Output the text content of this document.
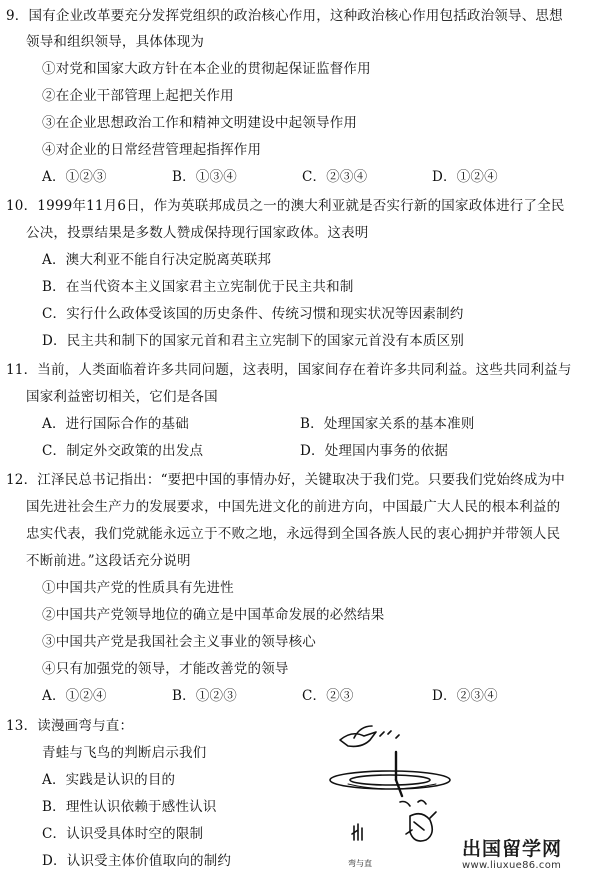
9．国有企业改革要充分发挥党组织的政治核心作用，这种政治核心作用包括政治领导、思想
领导和组织领导，具体体现为
①对党和国家大政方针在本企业的贯彻起保证监督作用
②在企业干部管理上起把关作用
③在企业思想政治工作和精神文明建设中起领导作用
④对企业的日常经营管理起指挥作用
A．①②③	B．①③④	C．②③④	D．①②④
10．1999年11月6日，作为英联邦成员之一的澳大利亚就是否实行新的国家政体进行了全民
公决，投票结果是多数人赞成保持现行国家政体。这表明
A．澳大利亚不能自行决定脱离英联邦
B．在当代资本主义国家君主立宪制优于民主共和制
C．实行什么政体受该国的历史条件、传统习惯和现实状况等因素制约
D．民主共和制下的国家元首和君主立宪制下的国家元首没有本质区别
11．当前，人类面临着许多共同问题，这表明，国家间存在着许多共同利益。这些共同利益与
国家利益密切相关，它们是各国
A．进行国际合作的基础	B．处理国家关系的基本准则
C．制定外交政策的出发点	D．处理国内事务的依据
12．江泽民总书记指出：“要把中国的事情办好，关键取决于我们党。只要我们党始终成为中
国先进社会生产力的发展要求，中国先进文化的前进方向，中国最广大人民的根本利益的
忠实代表，我们党就能永远立于不败之地，永远得到全国各族人民的衷心拥护并带领人民
不断前进。”这段话充分说明
①中国共产党的性质具有先进性
②中国共产党领导地位的确立是中国革命发展的必然结果
③中国共产党是我国社会主义事业的领导核心
④只有加强党的领导，才能改善党的领导
A．①②④	B．①②③	C．②③	D．②③④
13．读漫画弯与直：
青蛙与飞鸟的判断启示我们
A．实践是认识的目的
B．理性认识依赖于感性认识
C．认识受具体时空的限制
D．认识受主体价值取向的制约	弯与直
出国留学网
www.liuxue86.com
